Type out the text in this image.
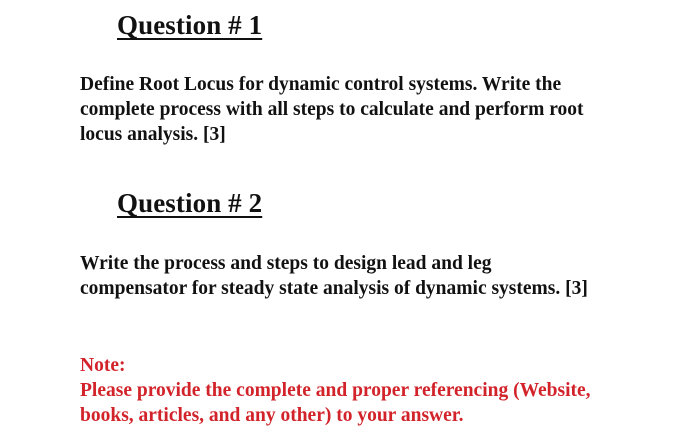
Question # 1

Define Root Locus for dynamic control systems. Write the
complete process with all steps to calculate and perform root
locus analysis. [3]

Question # 2

Write the process and steps to design lead and leg
compensator for steady state analysis of dynamic systems. [3]

Note:
Please provide the complete and proper referencing (Website,
books, articles, and any other) to your answer.
